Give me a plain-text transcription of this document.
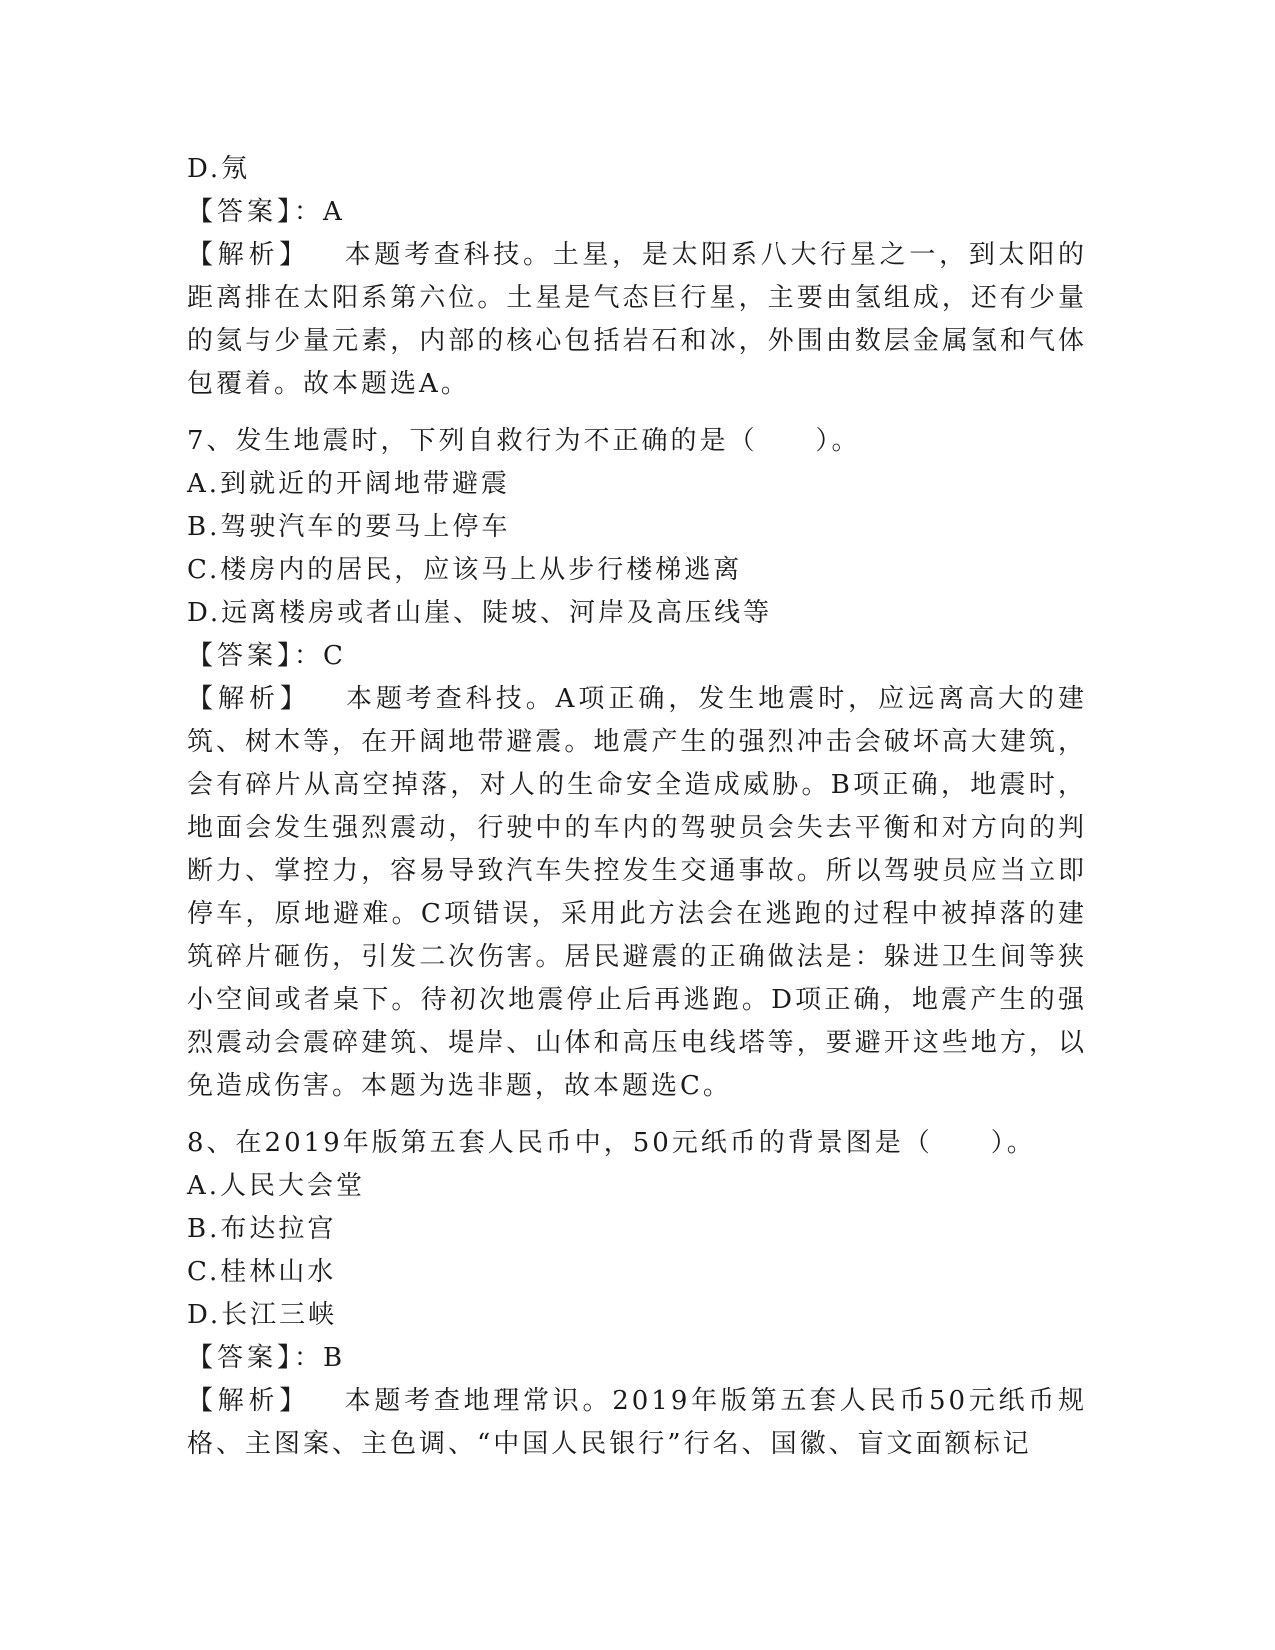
D.氖
【答案】：A
【解析】 本题考查科技。土星，是太阳系八大行星之一，到太阳的距离排在太阳系第六位。土星是气态巨行星，主要由氢组成，还有少量的氦与少量元素，内部的核心包括岩石和冰，外围由数层金属氢和气体包覆着。故本题选A。
7、发生地震时，下列自救行为不正确的是（　　）。
A.到就近的开阔地带避震
B.驾驶汽车的要马上停车
C.楼房内的居民，应该马上从步行楼梯逃离
D.远离楼房或者山崖、陡坡、河岸及高压线等
【答案】：C
【解析】 本题考查科技。A项正确，发生地震时，应远离高大的建筑、树木等，在开阔地带避震。地震产生的强烈冲击会破坏高大建筑，会有碎片从高空掉落，对人的生命安全造成威胁。B项正确，地震时，地面会发生强烈震动，行驶中的车内的驾驶员会失去平衡和对方向的判断力、掌控力，容易导致汽车失控发生交通事故。所以驾驶员应当立即停车，原地避难。C项错误，采用此方法会在逃跑的过程中被掉落的建筑碎片砸伤，引发二次伤害。居民避震的正确做法是：躲进卫生间等狭小空间或者桌下。待初次地震停止后再逃跑。D项正确，地震产生的强烈震动会震碎建筑、堤岸、山体和高压电线塔等，要避开这些地方，以免造成伤害。本题为选非题，故本题选C。
8、在2019年版第五套人民币中，50元纸币的背景图是（　　）。
A.人民大会堂
B.布达拉宫
C.桂林山水
D.长江三峡
【答案】：B
【解析】 本题考查地理常识。2019年版第五套人民币50元纸币规格、主图案、主色调、“中国人民银行”行名、国徽、盲文面额标记
